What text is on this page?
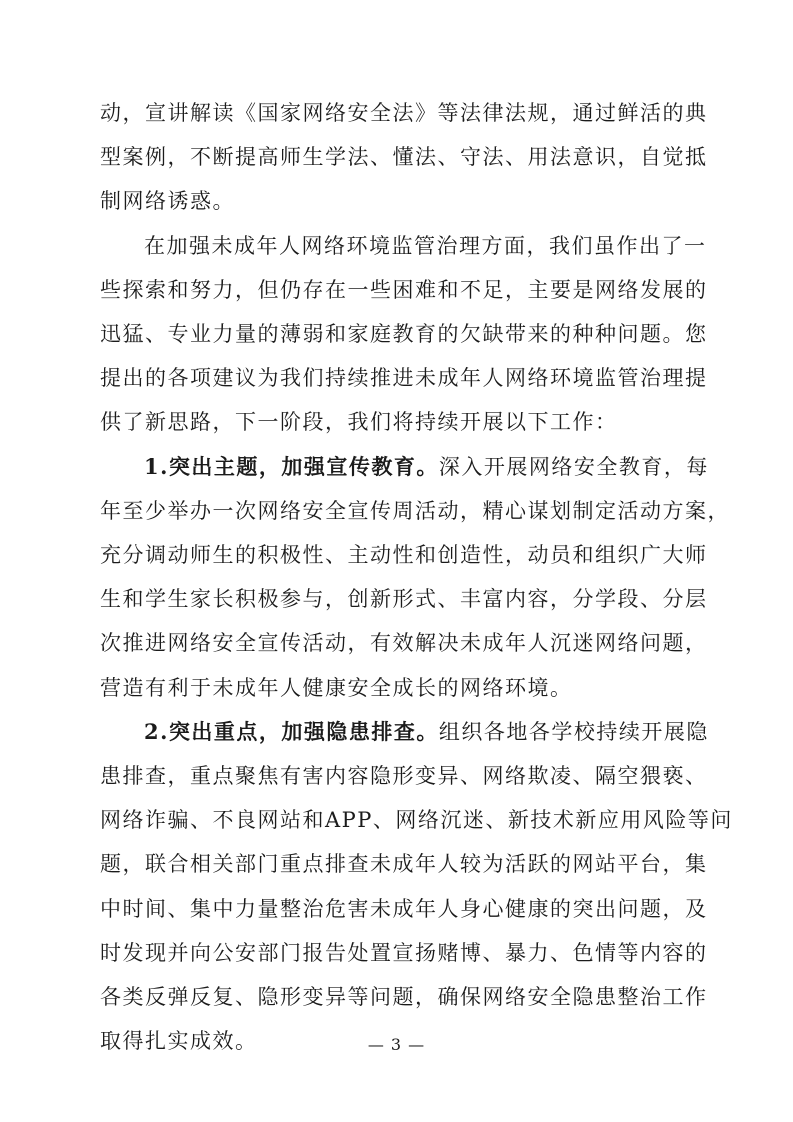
动，宣讲解读《国家网络安全法》等法律法规，通过鲜活的典
型案例，不断提高师生学法、懂法、守法、用法意识，自觉抵
制网络诱惑。
在加强未成年人网络环境监管治理方面，我们虽作出了一
些探索和努力，但仍存在一些困难和不足，主要是网络发展的
迅猛、专业力量的薄弱和家庭教育的欠缺带来的种种问题。您
提出的各项建议为我们持续推进未成年人网络环境监管治理提
供了新思路，下一阶段，我们将持续开展以下工作：
1.突出主题，加强宣传教育。深入开展网络安全教育，每
年至少举办一次网络安全宣传周活动，精心谋划制定活动方案，
充分调动师生的积极性、主动性和创造性，动员和组织广大师
生和学生家长积极参与，创新形式、丰富内容，分学段、分层
次推进网络安全宣传活动，有效解决未成年人沉迷网络问题，
营造有利于未成年人健康安全成长的网络环境。
2.突出重点，加强隐患排查。组织各地各学校持续开展隐
患排查，重点聚焦有害内容隐形变异、网络欺凌、隔空猥亵、
网络诈骗、不良网站和APP、网络沉迷、新技术新应用风险等问
题，联合相关部门重点排查未成年人较为活跃的网站平台，集
中时间、集中力量整治危害未成年人身心健康的突出问题，及
时发现并向公安部门报告处置宣扬赌博、暴力、色情等内容的
各类反弹反复、隐形变异等问题，确保网络安全隐患整治工作
取得扎实成效。	— 3 —
